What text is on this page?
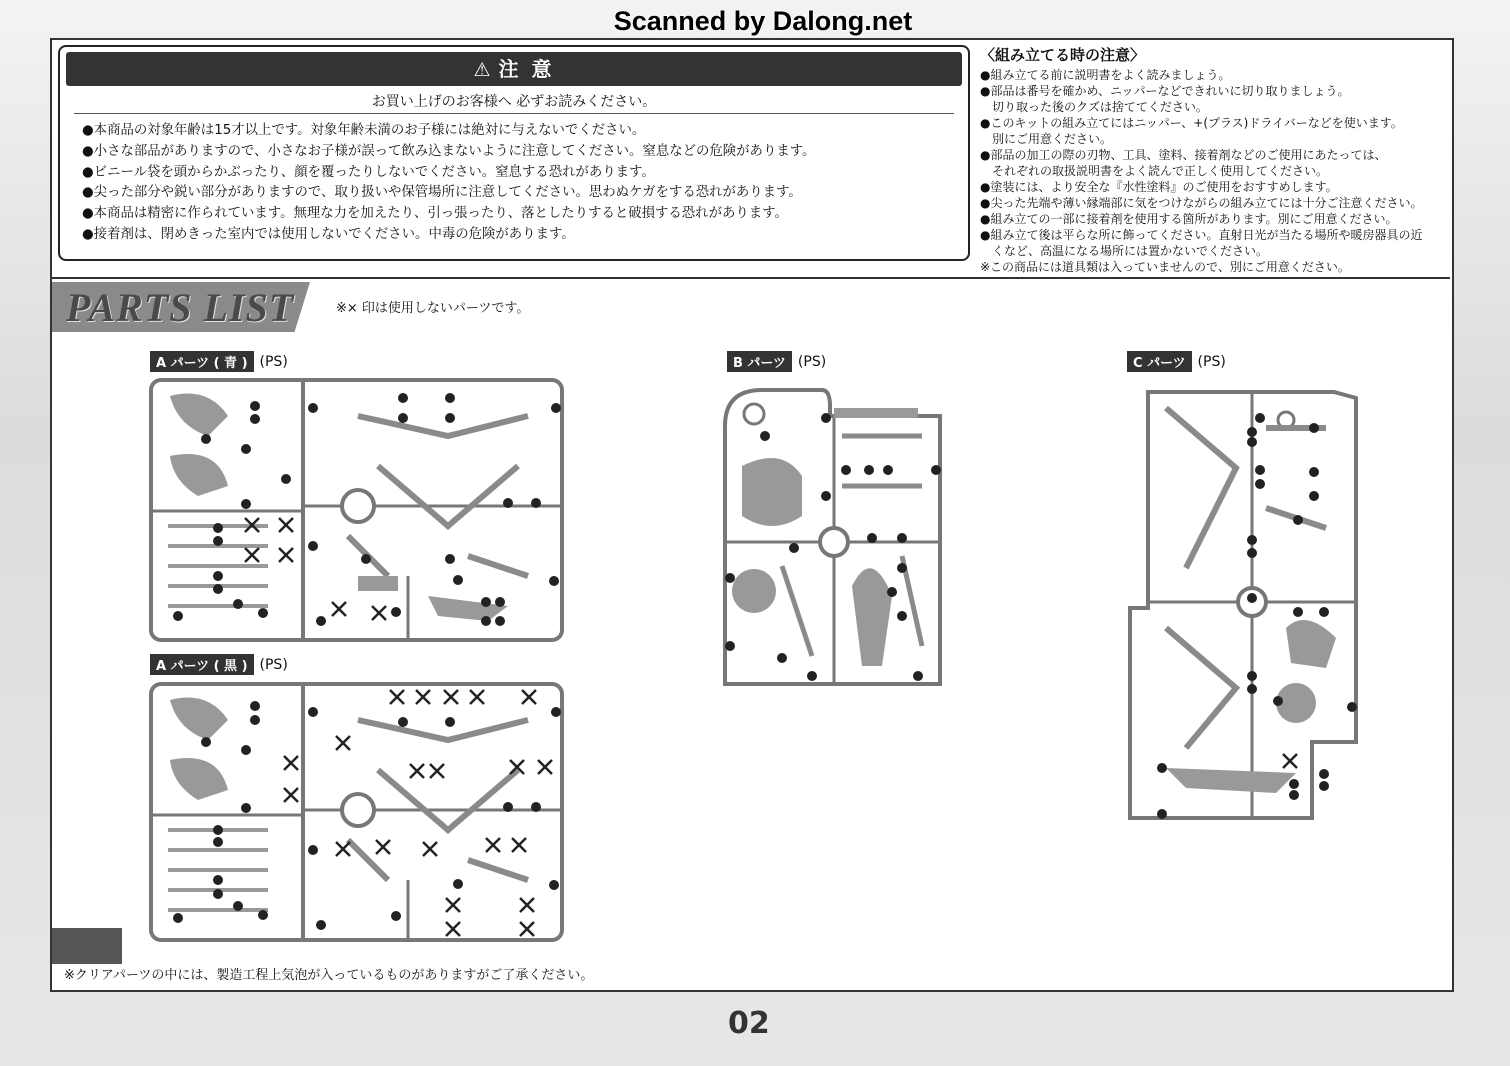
Scanned by Dalong.net
⚠ 注 意
お買い上げのお客様へ 必ずお読みください。
●本商品の対象年齢は15才以上です。対象年齢未満のお子様には絶対に与えないでください。
●小さな部品がありますので、小さなお子様が誤って飲み込まないように注意してください。窒息などの危険があります。
●ビニール袋を頭からかぶったり、顔を覆ったりしないでください。窒息する恐れがあります。
●尖った部分や鋭い部分がありますので、取り扱いや保管場所に注意してください。思わぬケガをする恐れがあります。
●本商品は精密に作られています。無理な力を加えたり、引っ張ったり、落としたりすると破損する恐れがあります。
●接着剤は、閉めきった室内では使用しないでください。中毒の危険があります。
〈組み立てる時の注意〉

●組み立てる前に説明書をよく読みましょう。

●部品は番号を確かめ、ニッパーなどできれいに切り取りましょう。

　切り取った後のクズは捨ててください。

●このキットの組み立てにはニッパー、+(プラス)ドライバーなどを使います。

　別にご用意ください。

●部品の加工の際の刃物、工具、塗料、接着剤などのご使用にあたっては、

　それぞれの取扱説明書をよく読んで正しく使用してください。

●塗装には、より安全な『水性塗料』のご使用をおすすめします。

●尖った先端や薄い縁端部に気をつけながらの組み立てには十分ご注意ください。

●組み立ての一部に接着剤を使用する箇所があります。別にご用意ください。

●組み立て後は平らな所に飾ってください。直射日光が当たる場所や暖房器具の近

　くなど、高温になる場所には置かないでください。

※この商品には道具類は入っていませんので、別にご用意ください。

PARTS LIST	※× 印は使用しないパーツです。
A パーツ ( 青 ) (PS)
A パーツ ( 黒 ) (PS)
B パーツ (PS)	C パーツ (PS)
※クリアパーツの中には、製造工程上気泡が入っているものがありますがご了承ください。
02
